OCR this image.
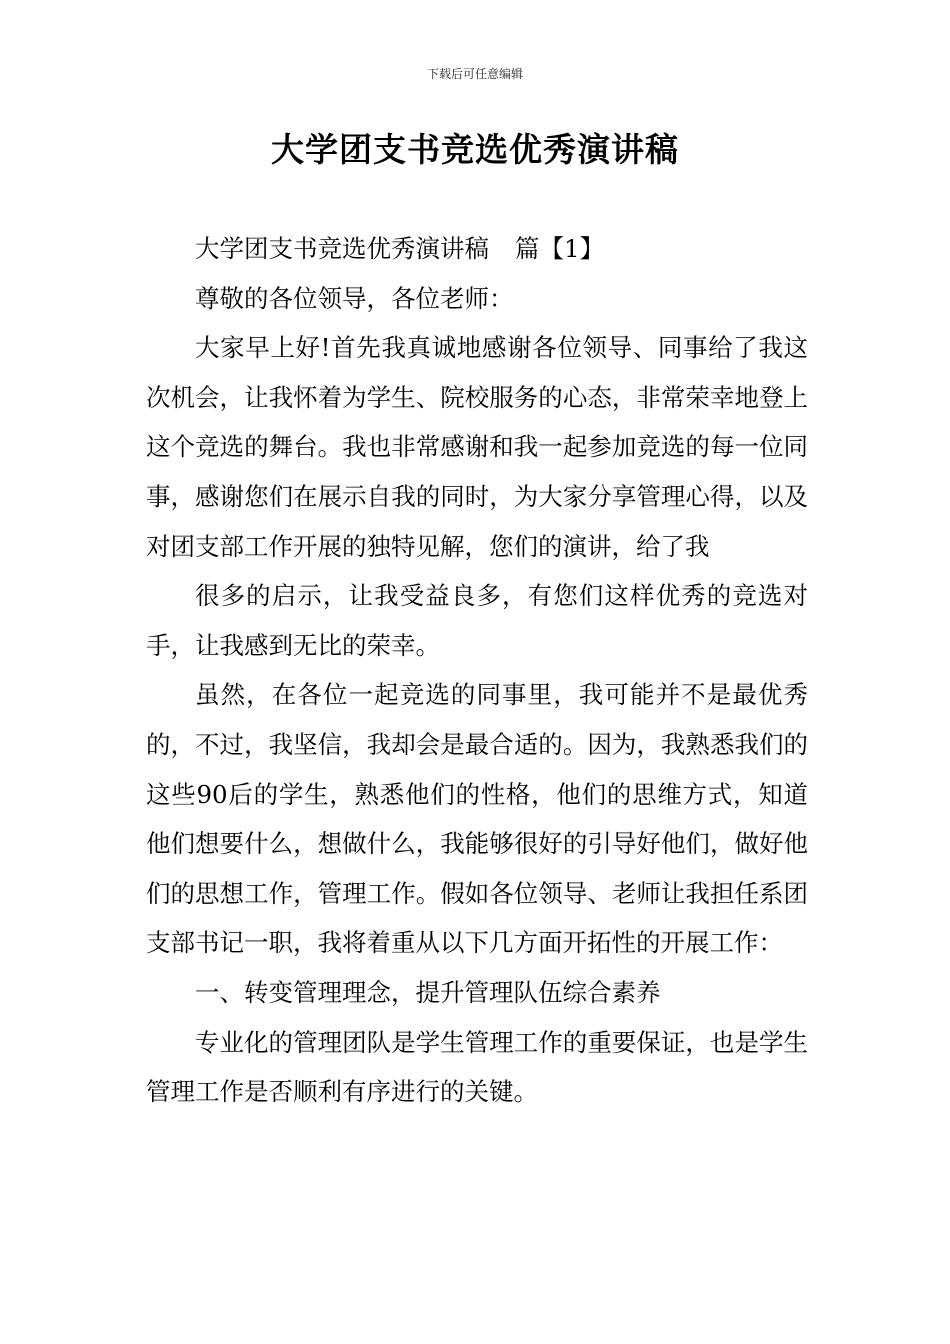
下载后可任意编辑
大学团支书竞选优秀演讲稿

大学团支书竞选优秀演讲稿 篇【1】

尊敬的各位领导，各位老师：

大家早上好!首先我真诚地感谢各位领导、同事给了我这次机会，让我怀着为学生、院校服务的心态，非常荣幸地登上这个竞选的舞台。我也非常感谢和我一起参加竞选的每一位同事，感谢您们在展示自我的同时，为大家分享管理心得，以及对团支部工作开展的独特见解，您们的演讲，给了我

很多的启示，让我受益良多，有您们这样优秀的竞选对手，让我感到无比的荣幸。

虽然，在各位一起竞选的同事里，我可能并不是最优秀的，不过，我坚信，我却会是最合适的。因为，我熟悉我们的这些90后的学生，熟悉他们的性格，他们的思维方式，知道他们想要什么，想做什么，我能够很好的引导好他们，做好他们的思想工作，管理工作。假如各位领导、老师让我担任系团支部书记一职，我将着重从以下几方面开拓性的开展工作：

一、转变管理理念，提升管理队伍综合素养

专业化的管理团队是学生管理工作的重要保证，也是学生管理工作是否顺利有序进行的关键。
